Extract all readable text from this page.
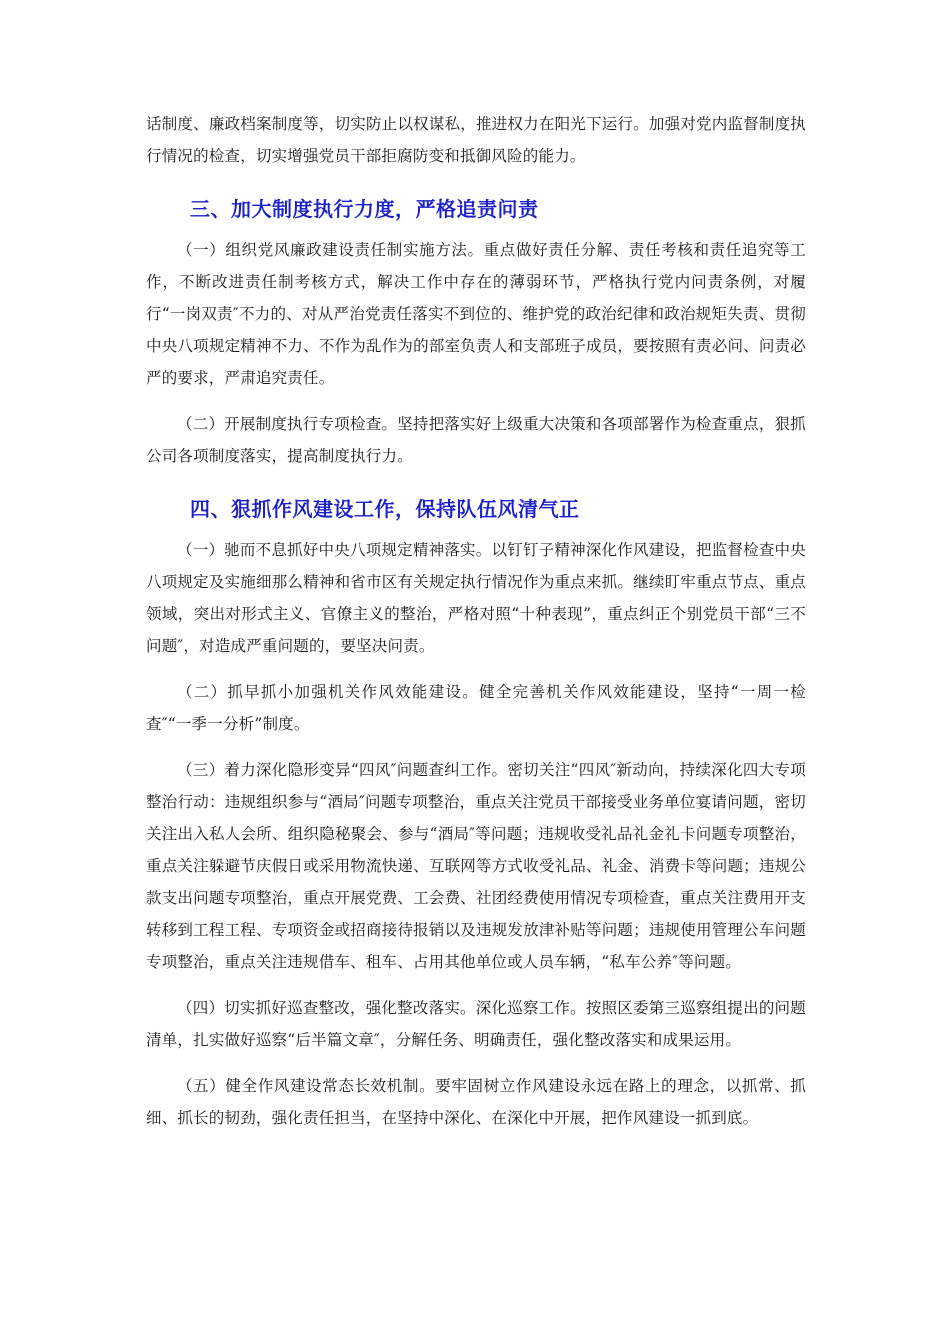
话制度、廉政档案制度等，切实防止以权谋私，推进权力在阳光下运行。加强对党内监督制度执行情况的检查，切实增强党员干部拒腐防变和抵御风险的能力。

三、加大制度执行力度，严格追责问责

（一）组织党风廉政建设责任制实施方法。重点做好责任分解、责任考核和责任追究等工作，不断改进责任制考核方式，解决工作中存在的薄弱环节，严格执行党内问责条例，对履行“一岗双责″不力的、对从严治党责任落实不到位的、维护党的政治纪律和政治规矩失责、贯彻中央八项规定精神不力、不作为乱作为的部室负责人和支部班子成员，要按照有责必问、问责必严的要求，严肃追究责任。

（二）开展制度执行专项检查。坚持把落实好上级重大决策和各项部署作为检查重点，狠抓公司各项制度落实，提高制度执行力。

四、狠抓作风建设工作，保持队伍风清气正

（一）驰而不息抓好中央八项规定精神落实。以钉钉子精神深化作风建设，把监督检查中央八项规定及实施细那么精神和省市区有关规定执行情况作为重点来抓。继续盯牢重点节点、重点领域，突出对形式主义、官僚主义的整治，严格对照“十种表现”，重点纠正个别党员干部“三不问题″，对造成严重问题的，要坚决问责。

（二）抓早抓小加强机关作风效能建设。健全完善机关作风效能建设，坚持“一周一检查″“一季一分析”制度。

（三）着力深化隐形变异“四风″问题查纠工作。密切关注“四风″新动向，持续深化四大专项整治行动：违规组织参与“酒局″问题专项整治，重点关注党员干部接受业务单位宴请问题，密切关注出入私人会所、组织隐秘聚会、参与“酒局″等问题；违规收受礼品礼金礼卡问题专项整治，重点关注躲避节庆假日或采用物流快递、互联网等方式收受礼品、礼金、消费卡等问题；违规公款支出问题专项整治，重点开展党费、工会费、社团经费使用情况专项检查，重点关注费用开支转移到工程工程、专项资金或招商接待报销以及违规发放津补贴等问题；违规使用管理公车问题专项整治，重点关注违规借车、租车、占用其他单位或人员车辆，“私车公养″等问题。

（四）切实抓好巡查整改，强化整改落实。深化巡察工作。按照区委第三巡察组提出的问题清单，扎实做好巡察“后半篇文章″，分解任务、明确责任，强化整改落实和成果运用。

（五）健全作风建设常态长效机制。要牢固树立作风建设永远在路上的理念，以抓常、抓细、抓长的韧劲，强化责任担当，在坚持中深化、在深化中开展，把作风建设一抓到底。
